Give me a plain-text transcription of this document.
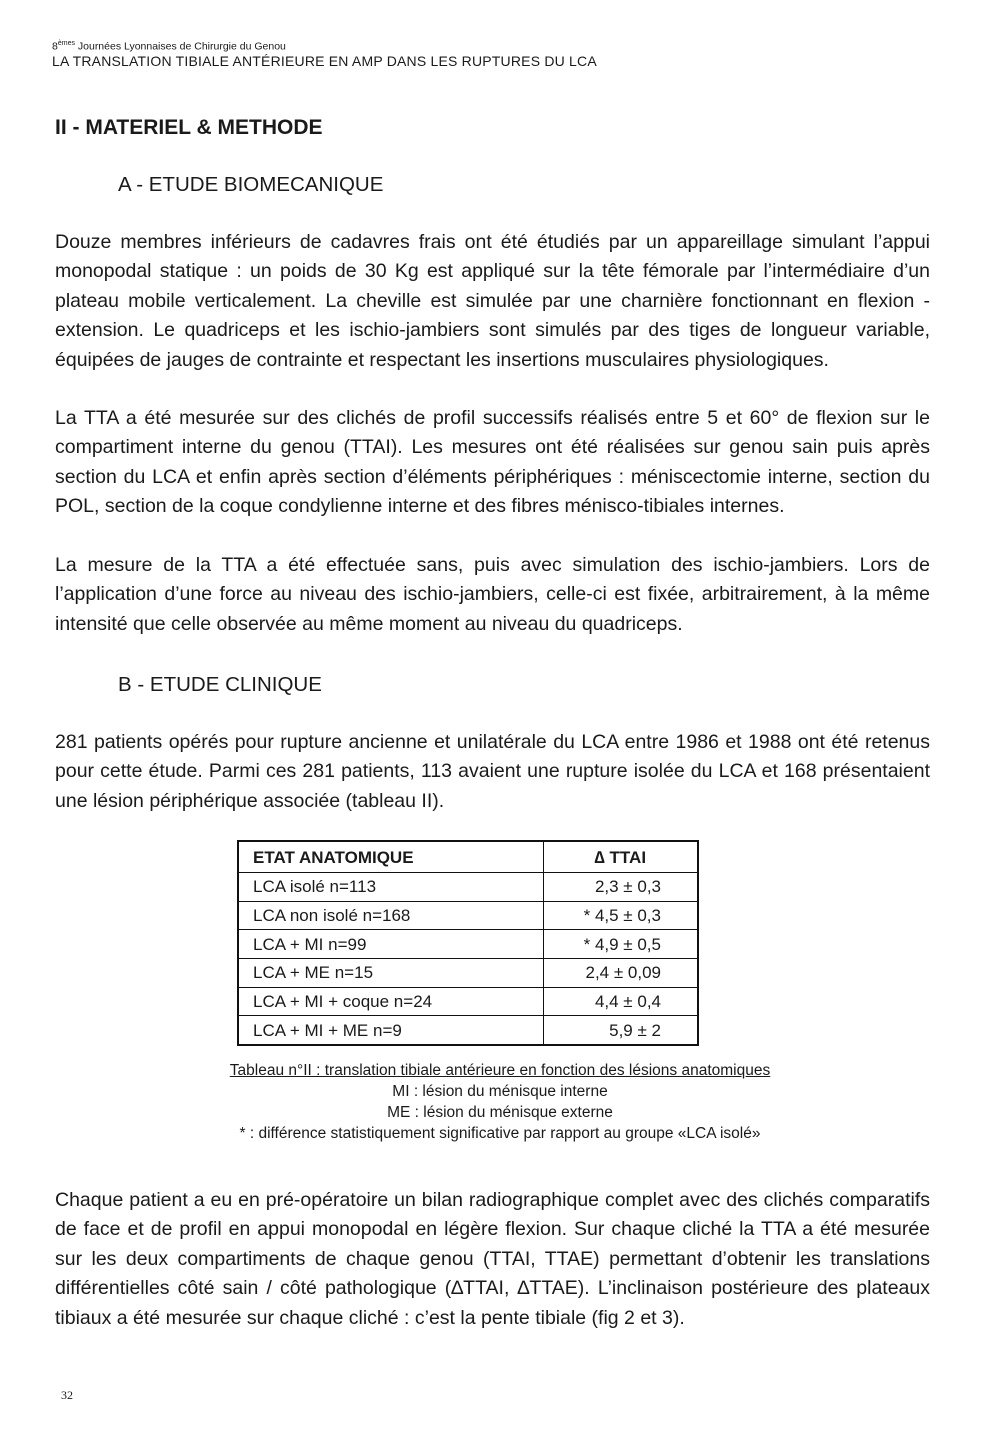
8èmes Journées Lyonnaises de Chirurgie du Genou
LA TRANSLATION TIBIALE ANTÉRIEURE EN AMP DANS LES RUPTURES DU LCA
II - MATERIEL & METHODE
A - ETUDE BIOMECANIQUE

Douze membres inférieurs de cadavres frais ont été étudiés par un appareillage simulant l’appui monopodal statique : un poids de 30 Kg est appliqué sur la tête fémorale par l’intermédiaire d’un plateau mobile verticalement. La cheville est simulée par une charnière fonctionnant en flexion - extension. Le quadriceps et les ischio-jambiers sont simulés par des tiges de longueur variable, équipées de jauges de contrainte et respectant les insertions musculaires physiologiques.

La TTA a été mesurée sur des clichés de profil successifs réalisés entre 5 et 60° de flexion sur le compartiment interne du genou (TTAI). Les mesures ont été réalisées sur genou sain puis après section du LCA et enfin après section d’éléments périphériques : méniscectomie interne, section du POL, section de la coque condylienne interne et des fibres ménisco-tibiales internes.

La mesure de la TTA a été effectuée sans, puis avec simulation des ischio-jambiers. Lors de l’application d’une force au niveau des ischio-jambiers, celle-ci est fixée, arbitrairement, à la même intensité que celle observée au même moment au niveau du quadriceps.

B - ETUDE CLINIQUE

281 patients opérés pour rupture ancienne et unilatérale du LCA entre 1986 et 1988 ont été retenus pour cette étude. Parmi ces 281 patients, 113 avaient une rupture isolée du LCA et 168 présentaient une lésion périphérique associée (tableau II).

ETAT ANATOMIQUE	∆ TTAI
LCA isolé n=113	2,3 ± 0,3
LCA non isolé n=168	* 4,5 ± 0,3
LCA + MI n=99	* 4,9 ± 0,5
LCA + ME n=15	2,4 ± 0,09
LCA + MI + coque n=24	4,4 ± 0,4
LCA + MI + ME n=9	5,9 ± 2
Tableau n°II : translation tibiale antérieure en fonction des lésions anatomiques
MI : lésion du ménisque interne
ME : lésion du ménisque externe
* : différence statistiquement significative par rapport au groupe «LCA isolé»

Chaque patient a eu en pré-opératoire un bilan radiographique complet avec des clichés comparatifs de face et de profil en appui monopodal en légère flexion. Sur chaque cliché la TTA a été mesurée sur les deux compartiments de chaque genou (TTAI, TTAE) permettant d’obtenir les translations différentielles côté sain / côté pathologique (∆TTAI, ∆TTAE). L’inclinaison postérieure des plateaux tibiaux a été mesurée sur chaque cliché : c’est la pente tibiale (fig 2 et 3).

32
